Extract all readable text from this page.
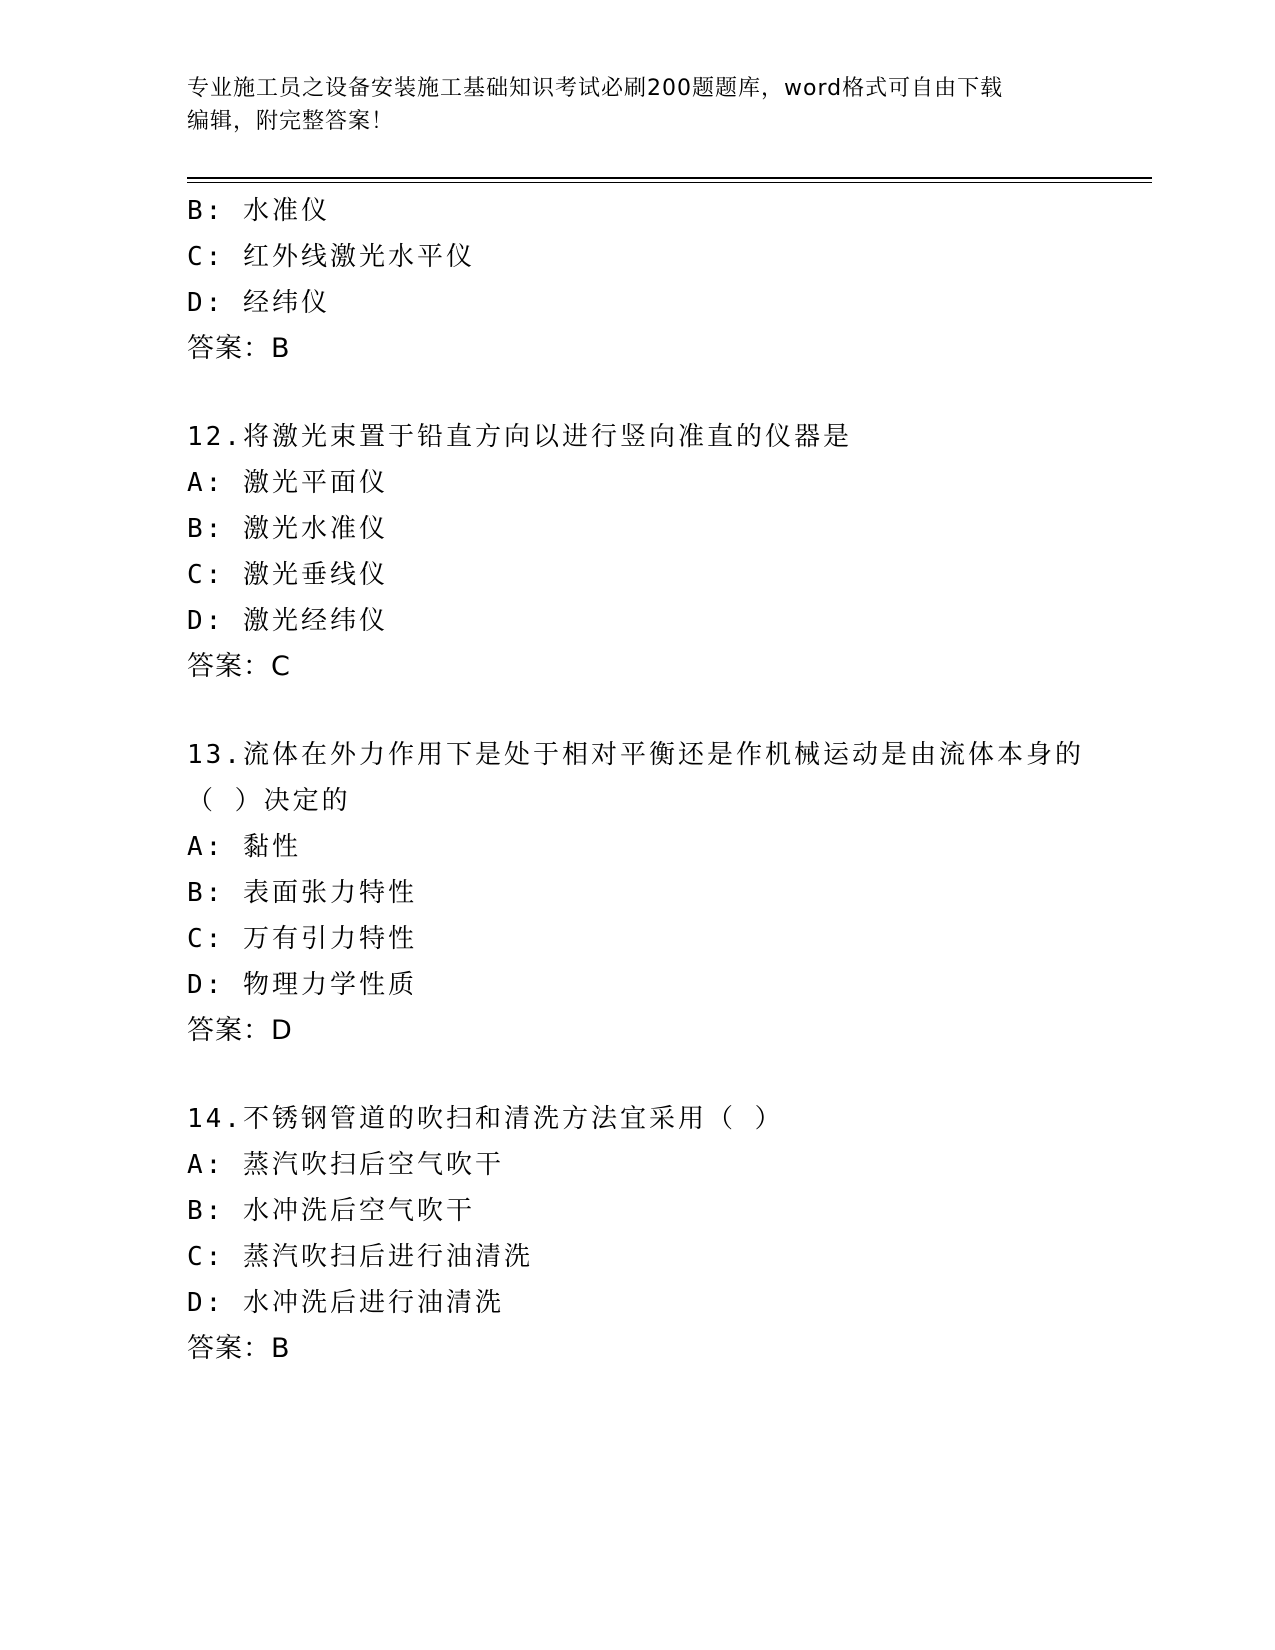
专业施工员之设备安装施工基础知识考试必刷200题题库，word格式可自由下载
编辑，附完整答案！
B: 水准仪
C: 红外线激光水平仪
D: 经纬仪
答案：B
12.将激光束置于铅直方向以进行竖向准直的仪器是
A: 激光平面仪
B: 激光水准仪
C: 激光垂线仪
D: 激光经纬仪
答案：C
13.流体在外力作用下是处于相对平衡还是作机械运动是由流体本身的
（ ）决定的
A: 黏性
B: 表面张力特性
C: 万有引力特性
D: 物理力学性质
答案：D
14.不锈钢管道的吹扫和清洗方法宜采用（ ）
A: 蒸汽吹扫后空气吹干
B: 水冲洗后空气吹干
C: 蒸汽吹扫后进行油清洗
D: 水冲洗后进行油清洗
答案：B
